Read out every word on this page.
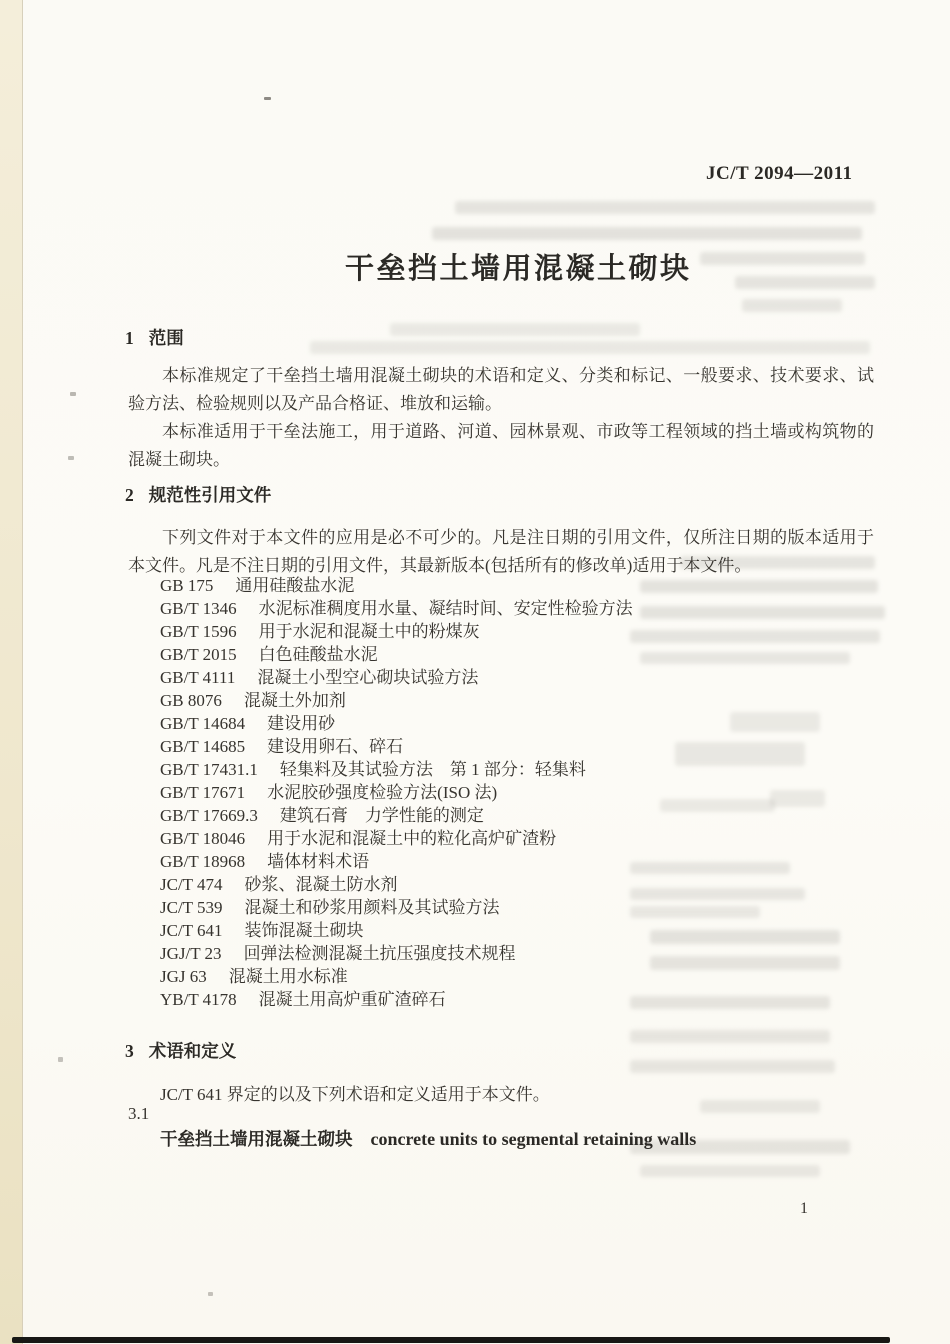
JC/T 2094—2011
干垒挡土墙用混凝土砌块
1 范围

本标准规定了干垒挡土墙用混凝土砌块的术语和定义、分类和标记、一般要求、技术要求、试验方法、检验规则以及产品合格证、堆放和运输。

本标准适用于干垒法施工，用于道路、河道、园林景观、市政等工程领域的挡土墙或构筑物的混凝土砌块。

2 规范性引用文件

下列文件对于本文件的应用是必不可少的。凡是注日期的引用文件，仅所注日期的版本适用于本文件。凡是不注日期的引用文件，其最新版本(包括所有的修改单)适用于本文件。

GB 175 通用硅酸盐水泥
GB/T 1346 水泥标准稠度用水量、凝结时间、安定性检验方法
GB/T 1596 用于水泥和混凝土中的粉煤灰
GB/T 2015 白色硅酸盐水泥
GB/T 4111 混凝土小型空心砌块试验方法
GB 8076 混凝土外加剂
GB/T 14684 建设用砂
GB/T 14685 建设用卵石、碎石
GB/T 17431.1 轻集料及其试验方法　第 1 部分：轻集料
GB/T 17671 水泥胶砂强度检验方法(ISO 法)
GB/T 17669.3 建筑石膏　力学性能的测定
GB/T 18046 用于水泥和混凝土中的粒化高炉矿渣粉
GB/T 18968 墙体材料术语
JC/T 474 砂浆、混凝土防水剂
JC/T 539 混凝土和砂浆用颜料及其试验方法
JC/T 641 装饰混凝土砌块
JGJ/T 23 回弹法检测混凝土抗压强度技术规程
JGJ 63 混凝土用水标准
YB/T 4178 混凝土用高炉重矿渣碎石
3 术语和定义
JC/T 641 界定的以及下列术语和定义适用于本文件。
3.1
干垒挡土墙用混凝土砌块 concrete units to segmental retaining walls
1
